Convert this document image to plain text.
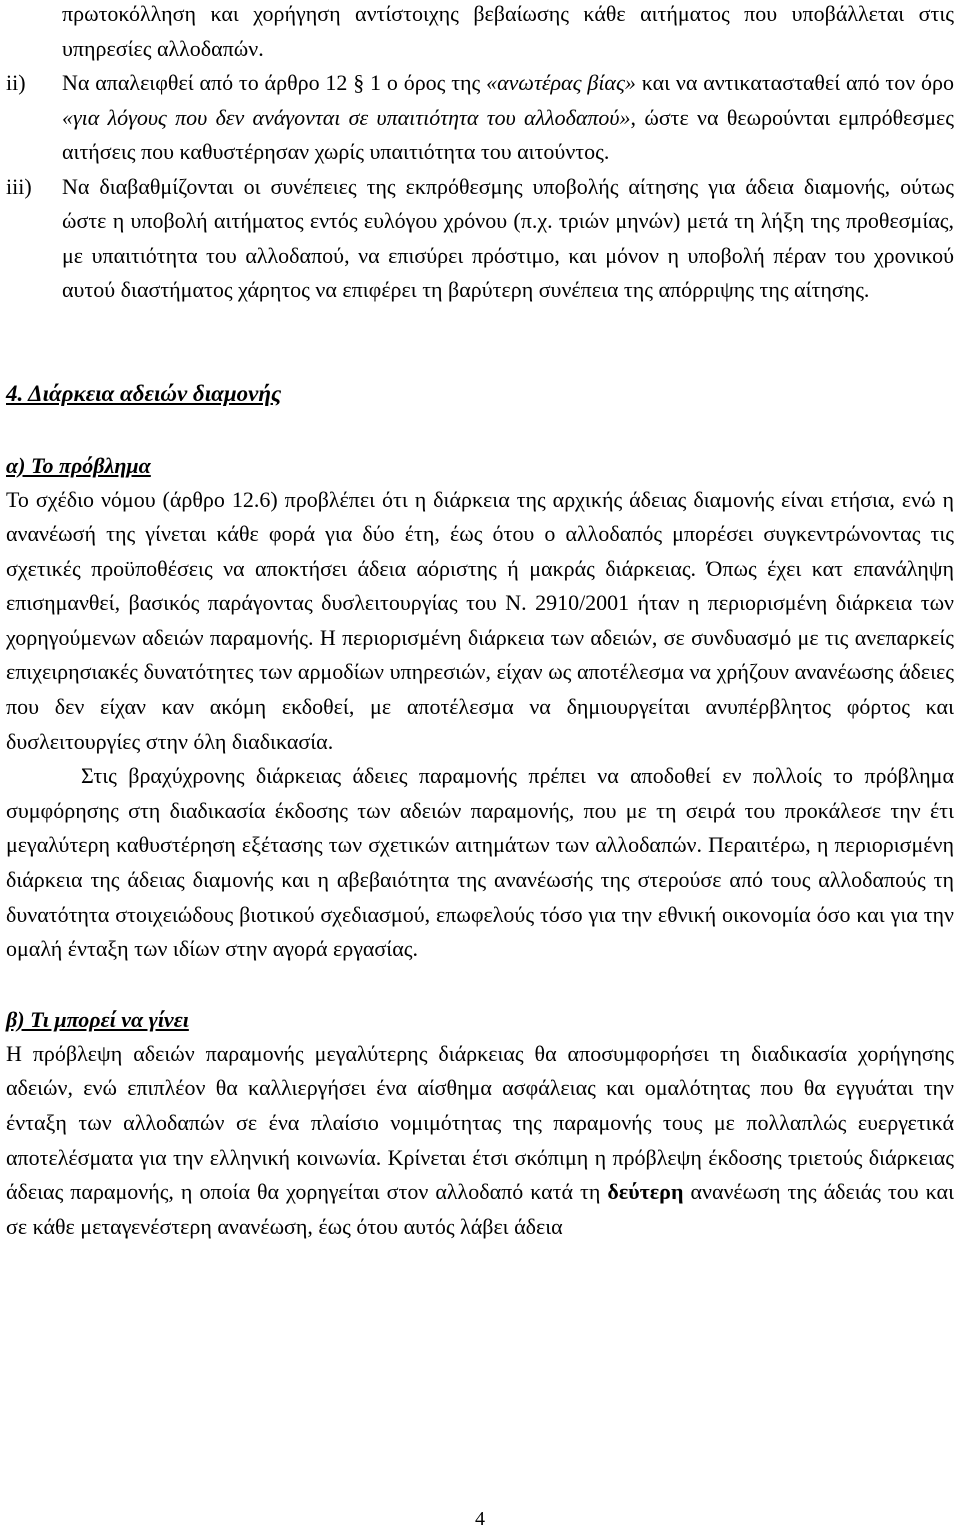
πρωτοκόλληση και χορήγηση αντίστοιχης βεβαίωσης κάθε αιτήματος που υποβάλλεται στις υπηρεσίες αλλοδαπών.
ii) Να απαλειφθεί από το άρθρο 12 § 1 ο όρος της «ανωτέρας βίας» και να αντικατασταθεί από τον όρο «για λόγους που δεν ανάγονται σε υπαιτιότητα του αλλοδαπού», ώστε να θεωρούνται εμπρόθεσμες αιτήσεις που καθυστέρησαν χωρίς υπαιτιότητα του αιτούντος.
iii) Να διαβαθμίζονται οι συνέπειες της εκπρόθεσμης υποβολής αίτησης για άδεια διαμονής, ούτως ώστε η υποβολή αιτήματος εντός ευλόγου χρόνου (π.χ. τριών μηνών) μετά τη λήξη της προθεσμίας, με υπαιτιότητα του αλλοδαπού, να επισύρει πρόστιμο, και μόνον η υποβολή πέραν του χρονικού αυτού διαστήματος χάρητος να επιφέρει τη βαρύτερη συνέπεια της απόρριψης της αίτησης.
4. Διάρκεια αδειών διαμονής
α) Το πρόβλημα
Το σχέδιο νόμου (άρθρο 12.6) προβλέπει ότι η διάρκεια της αρχικής άδειας διαμονής είναι ετήσια, ενώ η ανανέωσή της γίνεται κάθε φορά για δύο έτη, έως ότου ο αλλοδαπός μπορέσει συγκεντρώνοντας τις σχετικές προϋποθέσεις να αποκτήσει άδεια αόριστης ή μακράς διάρκειας. Όπως έχει κατ επανάληψη επισημανθεί, βασικός παράγοντας δυσλειτουργίας του Ν. 2910/2001 ήταν η περιορισμένη διάρκεια των χορηγούμενων αδειών παραμονής. Η περιορισμένη διάρκεια των αδειών, σε συνδυασμό με τις ανεπαρκείς επιχειρησιακές δυνατότητες των αρμοδίων υπηρεσιών, είχαν ως αποτέλεσμα να χρήζουν ανανέωσης άδειες που δεν είχαν καν ακόμη εκδοθεί, με αποτέλεσμα να δημιουργείται ανυπέρβλητος φόρτος και δυσλειτουργίες στην όλη διαδικασία.
Στις βραχύχρονης διάρκειας άδειες παραμονής πρέπει να αποδοθεί εν πολλοίς το πρόβλημα συμφόρησης στη διαδικασία έκδοσης των αδειών παραμονής, που με τη σειρά του προκάλεσε την έτι μεγαλύτερη καθυστέρηση εξέτασης των σχετικών αιτημάτων των αλλοδαπών. Περαιτέρω, η περιορισμένη διάρκεια της άδειας διαμονής και η αβεβαιότητα της ανανέωσής της στερούσε από τους αλλοδαπούς τη δυνατότητα στοιχειώδους βιοτικού σχεδιασμού, επωφελούς τόσο για την εθνική οικονομία όσο και για την ομαλή ένταξη των ιδίων στην αγορά εργασίας.
β) Τι μπορεί να γίνει
Η πρόβλεψη αδειών παραμονής μεγαλύτερης διάρκειας θα αποσυμφορήσει τη διαδικασία χορήγησης αδειών, ενώ επιπλέον θα καλλιεργήσει ένα αίσθημα ασφάλειας και ομαλότητας που θα εγγυάται την ένταξη των αλλοδαπών σε ένα πλαίσιο νομιμότητας της παραμονής τους με πολλαπλώς ευεργετικά αποτελέσματα για την ελληνική κοινωνία. Κρίνεται έτσι σκόπιμη η πρόβλεψη έκδοσης τριετούς διάρκειας άδειας παραμονής, η οποία θα χορηγείται στον αλλοδαπό κατά τη δεύτερη ανανέωση της άδειάς του και σε κάθε μεταγενέστερη ανανέωση, έως ότου αυτός λάβει άδεια
4
